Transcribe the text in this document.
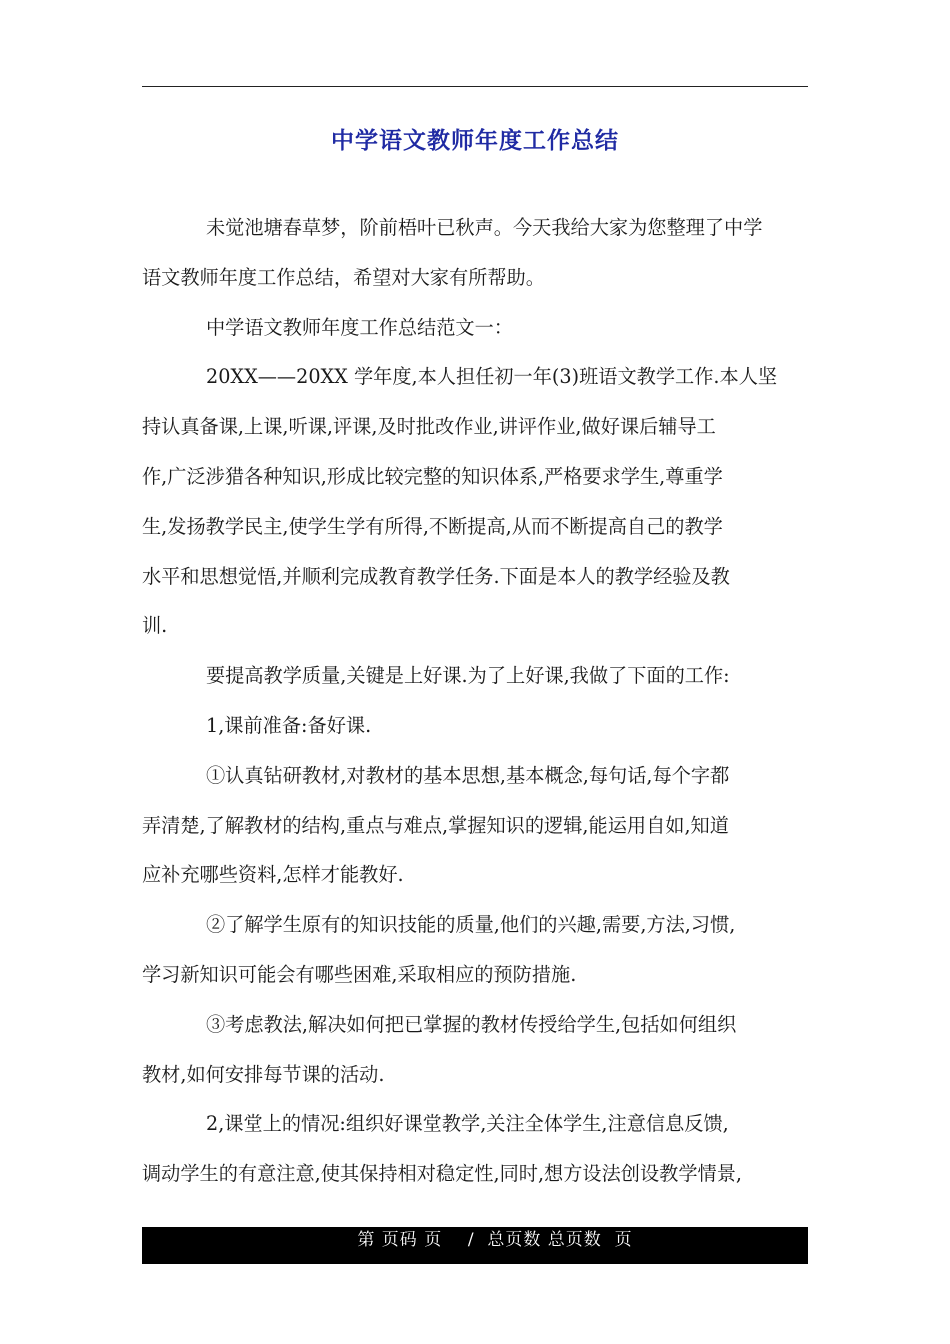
中学语文教师年度工作总结
未觉池塘春草梦，阶前梧叶已秋声。今天我给大家为您整理了中学
语文教师年度工作总结，希望对大家有所帮助。
中学语文教师年度工作总结范文一：
20XX——20XX 学年度,本人担任初一年(3)班语文教学工作.本人坚
持认真备课,上课,听课,评课,及时批改作业,讲评作业,做好课后辅导工
作,广泛涉猎各种知识,形成比较完整的知识体系,严格要求学生,尊重学
生,发扬教学民主,使学生学有所得,不断提高,从而不断提高自己的教学
水平和思想觉悟,并顺利完成教育教学任务.下面是本人的教学经验及教
训.
要提高教学质量,关键是上好课.为了上好课,我做了下面的工作:
1,课前准备:备好课.
①认真钻研教材,对教材的基本思想,基本概念,每句话,每个字都
弄清楚,了解教材的结构,重点与难点,掌握知识的逻辑,能运用自如,知道
应补充哪些资料,怎样才能教好.
②了解学生原有的知识技能的质量,他们的兴趣,需要,方法,习惯,
学习新知识可能会有哪些困难,采取相应的预防措施.
③考虑教法,解决如何把已掌握的教材传授给学生,包括如何组织
教材,如何安排每节课的活动.
2,课堂上的情况:组织好课堂教学,关注全体学生,注意信息反馈,
调动学生的有意注意,使其保持相对稳定性,同时,想方设法创设教学情景,
第 页码 页    /  总页数 总页数  页
